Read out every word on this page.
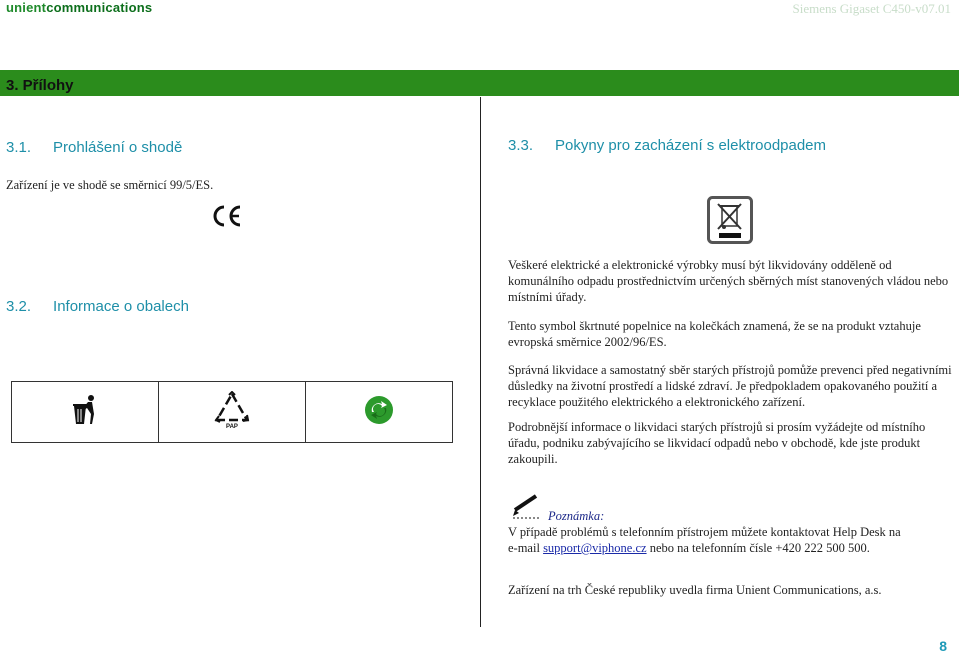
unientcommunications	Siemens Gigaset C450-v07.01
3. Přílohy
3.1. Prohlášení o shodě
Zařízení je ve shodě se směrnicí 99/5/ES.
3.2. Informace o obalech

PAP

3.3. Pokyny pro zacházení s elektroodpadem
Veškeré elektrické a elektronické výrobky musí být likvidovány odděleně od komunálního odpadu prostřednictvím určených sběrných míst stanovených vládou nebo místními úřady.
Tento symbol škrtnuté popelnice na kolečkách znamená, že se na produkt vztahuje evropská směrnice 2002/96/ES.
Správná likvidace a samostatný sběr starých přístrojů pomůže prevenci před negativními důsledky na životní prostředí a lidské zdraví. Je předpokladem opakovaného použití a recyklace použitého elektrického a elektronického zařízení.
Podrobnější informace o likvidaci starých přístrojů si prosím vyžádejte od místního úřadu, podniku zabývajícího se likvidací odpadů nebo v obchodě, kde jste produkt zakoupili.
Poznámka:
V případě problémů s telefonním přístrojem můžete kontaktovat Help Desk na
e-mail support@viphone.cz nebo na telefonním čísle +420 222 500 500.
Zařízení na trh České republiky uvedla firma Unient Communications, a.s.
8
